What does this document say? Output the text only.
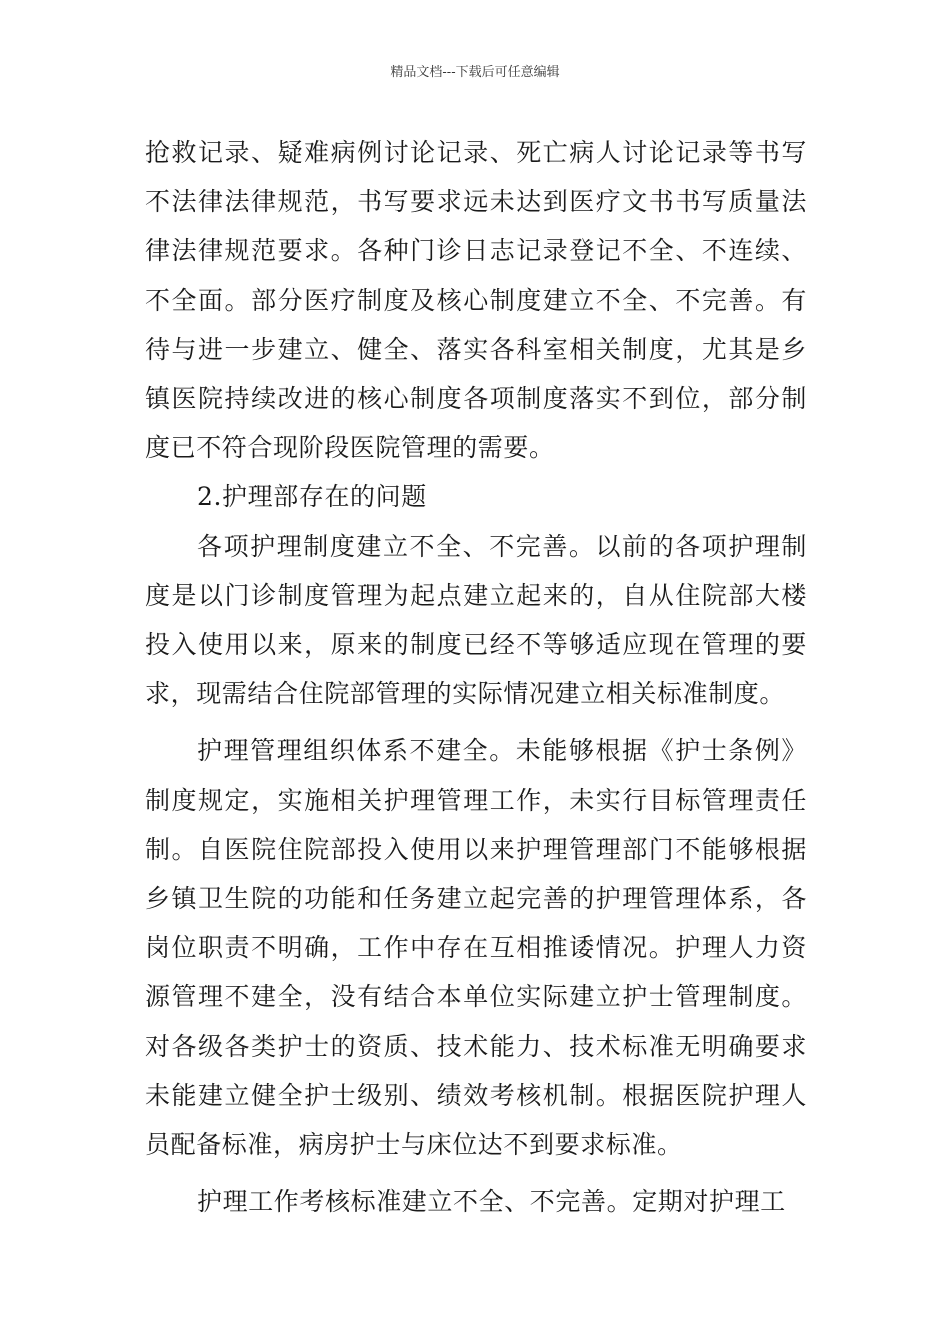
精品文档---下载后可任意编辑

抢救记录、疑难病例讨论记录、死亡病人讨论记录等书写不法律法律规范，书写要求远未达到医疗文书书写质量法律法律规范要求。各种门诊日志记录登记不全、不连续、不全面。部分医疗制度及核心制度建立不全、不完善。有待与进一步建立、健全、落实各科室相关制度，尤其是乡镇医院持续改进的核心制度各项制度落实不到位，部分制度已不符合现阶段医院管理的需要。

2.护理部存在的问题

各项护理制度建立不全、不完善。以前的各项护理制度是以门诊制度管理为起点建立起来的，自从住院部大楼投入使用以来，原来的制度已经不等够适应现在管理的要求，现需结合住院部管理的实际情况建立相关标准制度。

护理管理组织体系不建全。未能够根据《护士条例》制度规定，实施相关护理管理工作，未实行目标管理责任制。自医院住院部投入使用以来护理管理部门不能够根据乡镇卫生院的功能和任务建立起完善的护理管理体系，各岗位职责不明确，工作中存在互相推诿情况。护理人力资源管理不建全，没有结合本单位实际建立护士管理制度。对各级各类护士的资质、技术能力、技术标准无明确要求未能建立健全护士级别、绩效考核机制。根据医院护理人员配备标准，病房护士与床位达不到要求标准。

护理工作考核标准建立不全、不完善。定期对护理工
